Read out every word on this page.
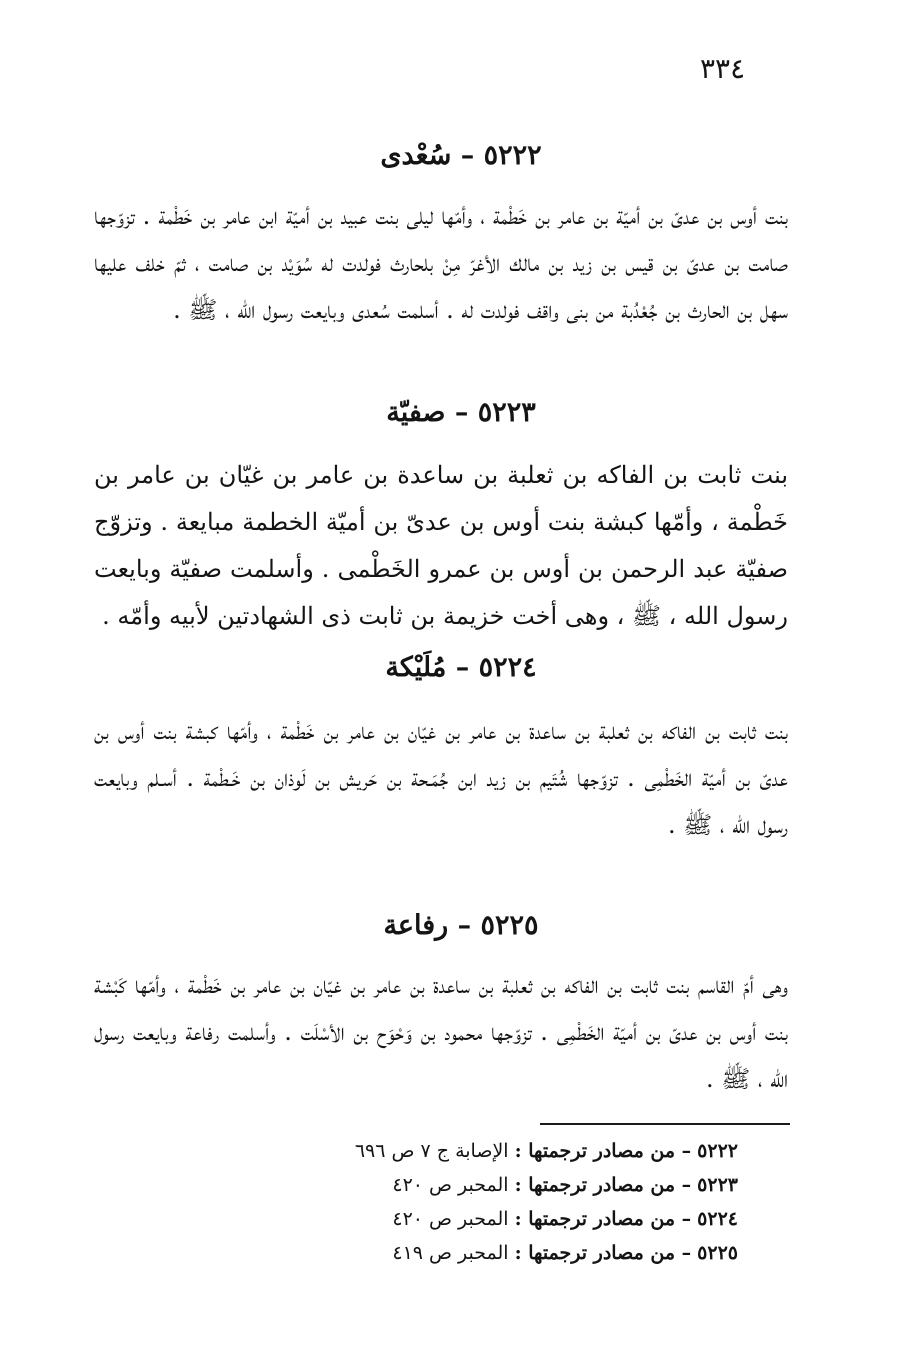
٣٣٤
٥٢٢٢ – سُعْدى

بنت أوس بن عدىّ بن أميّة بن عامر بن خَطْمة ، وأمّها ليلى بنت عبيد بن أميّة ابن عامر بن خَطْمة . تزوّجها صامت بن عدىّ بن قيس بن زيد بن مالك الأغرّ مِنْ بلحارث فولدت له سُوَيْد بن صامت ، ثمّ خلف عليها سهل بن الحارث بن جُعْدُبة من بنى واقف فولدت له . أسلمت سُعدى وبايعت رسول الله ، ﷺ .

٥٢٢٣ – صفيّة

بنت ثابت بن الفاكه بن ثعلبة بن ساعدة بن عامر بن غيّان بن عامر بن خَطْمة ، وأمّها كبشة بنت أوس بن عدىّ بن أميّة الخطمة مبايعة . وتزوّج صفيّة عبد الرحمن بن أوس بن عمرو الخَطْمى . وأسلمت صفيّة وبايعت رسول الله ، ﷺ ، وهى أخت خزيمة بن ثابت ذى الشهادتين لأبيه وأمّه .

٥٢٢٤ – مُلَيْكة

بنت ثابت بن الفاكه بن ثعلبة بن ساعدة بن عامر بن غيّان بن عامر بن خَطْمة ، وأمّها كبشة بنت أوس بن عدىّ بن أميّة الخَطْمِى . تزوّجها شُتَيم بن زيد ابن جُمَـحة بن حَريش بن لَوذان بن خَـطْمة . أسـلم وبايعت رسول الله ، ﷺ .

٥٢٢٥ – رفاعة

وهى أمّ القاسم بنت ثابت بن الفاكه بن ثعلبة بن ساعدة بن عامر بن غيّان بن عامر بن خَطْمة ، وأمّها كَبْشة بنت أوس بن عدىّ بن أميّة الخَطْمِى . تزوّجها محمود بن وَحْوَح بن الأسْلَت . وأسلمت رفاعة وبايعت رسول الله ، ﷺ .

٥٢٢٢ – من مصادر ترجمتها : الإصابة ج ٧ ص ٦٩٦
٥٢٢٣ – من مصادر ترجمتها : المحبر ص ٤٢٠
٥٢٢٤ – من مصادر ترجمتها : المحبر ص ٤٢٠
٥٢٢٥ – من مصادر ترجمتها : المحبر ص ٤١٩
